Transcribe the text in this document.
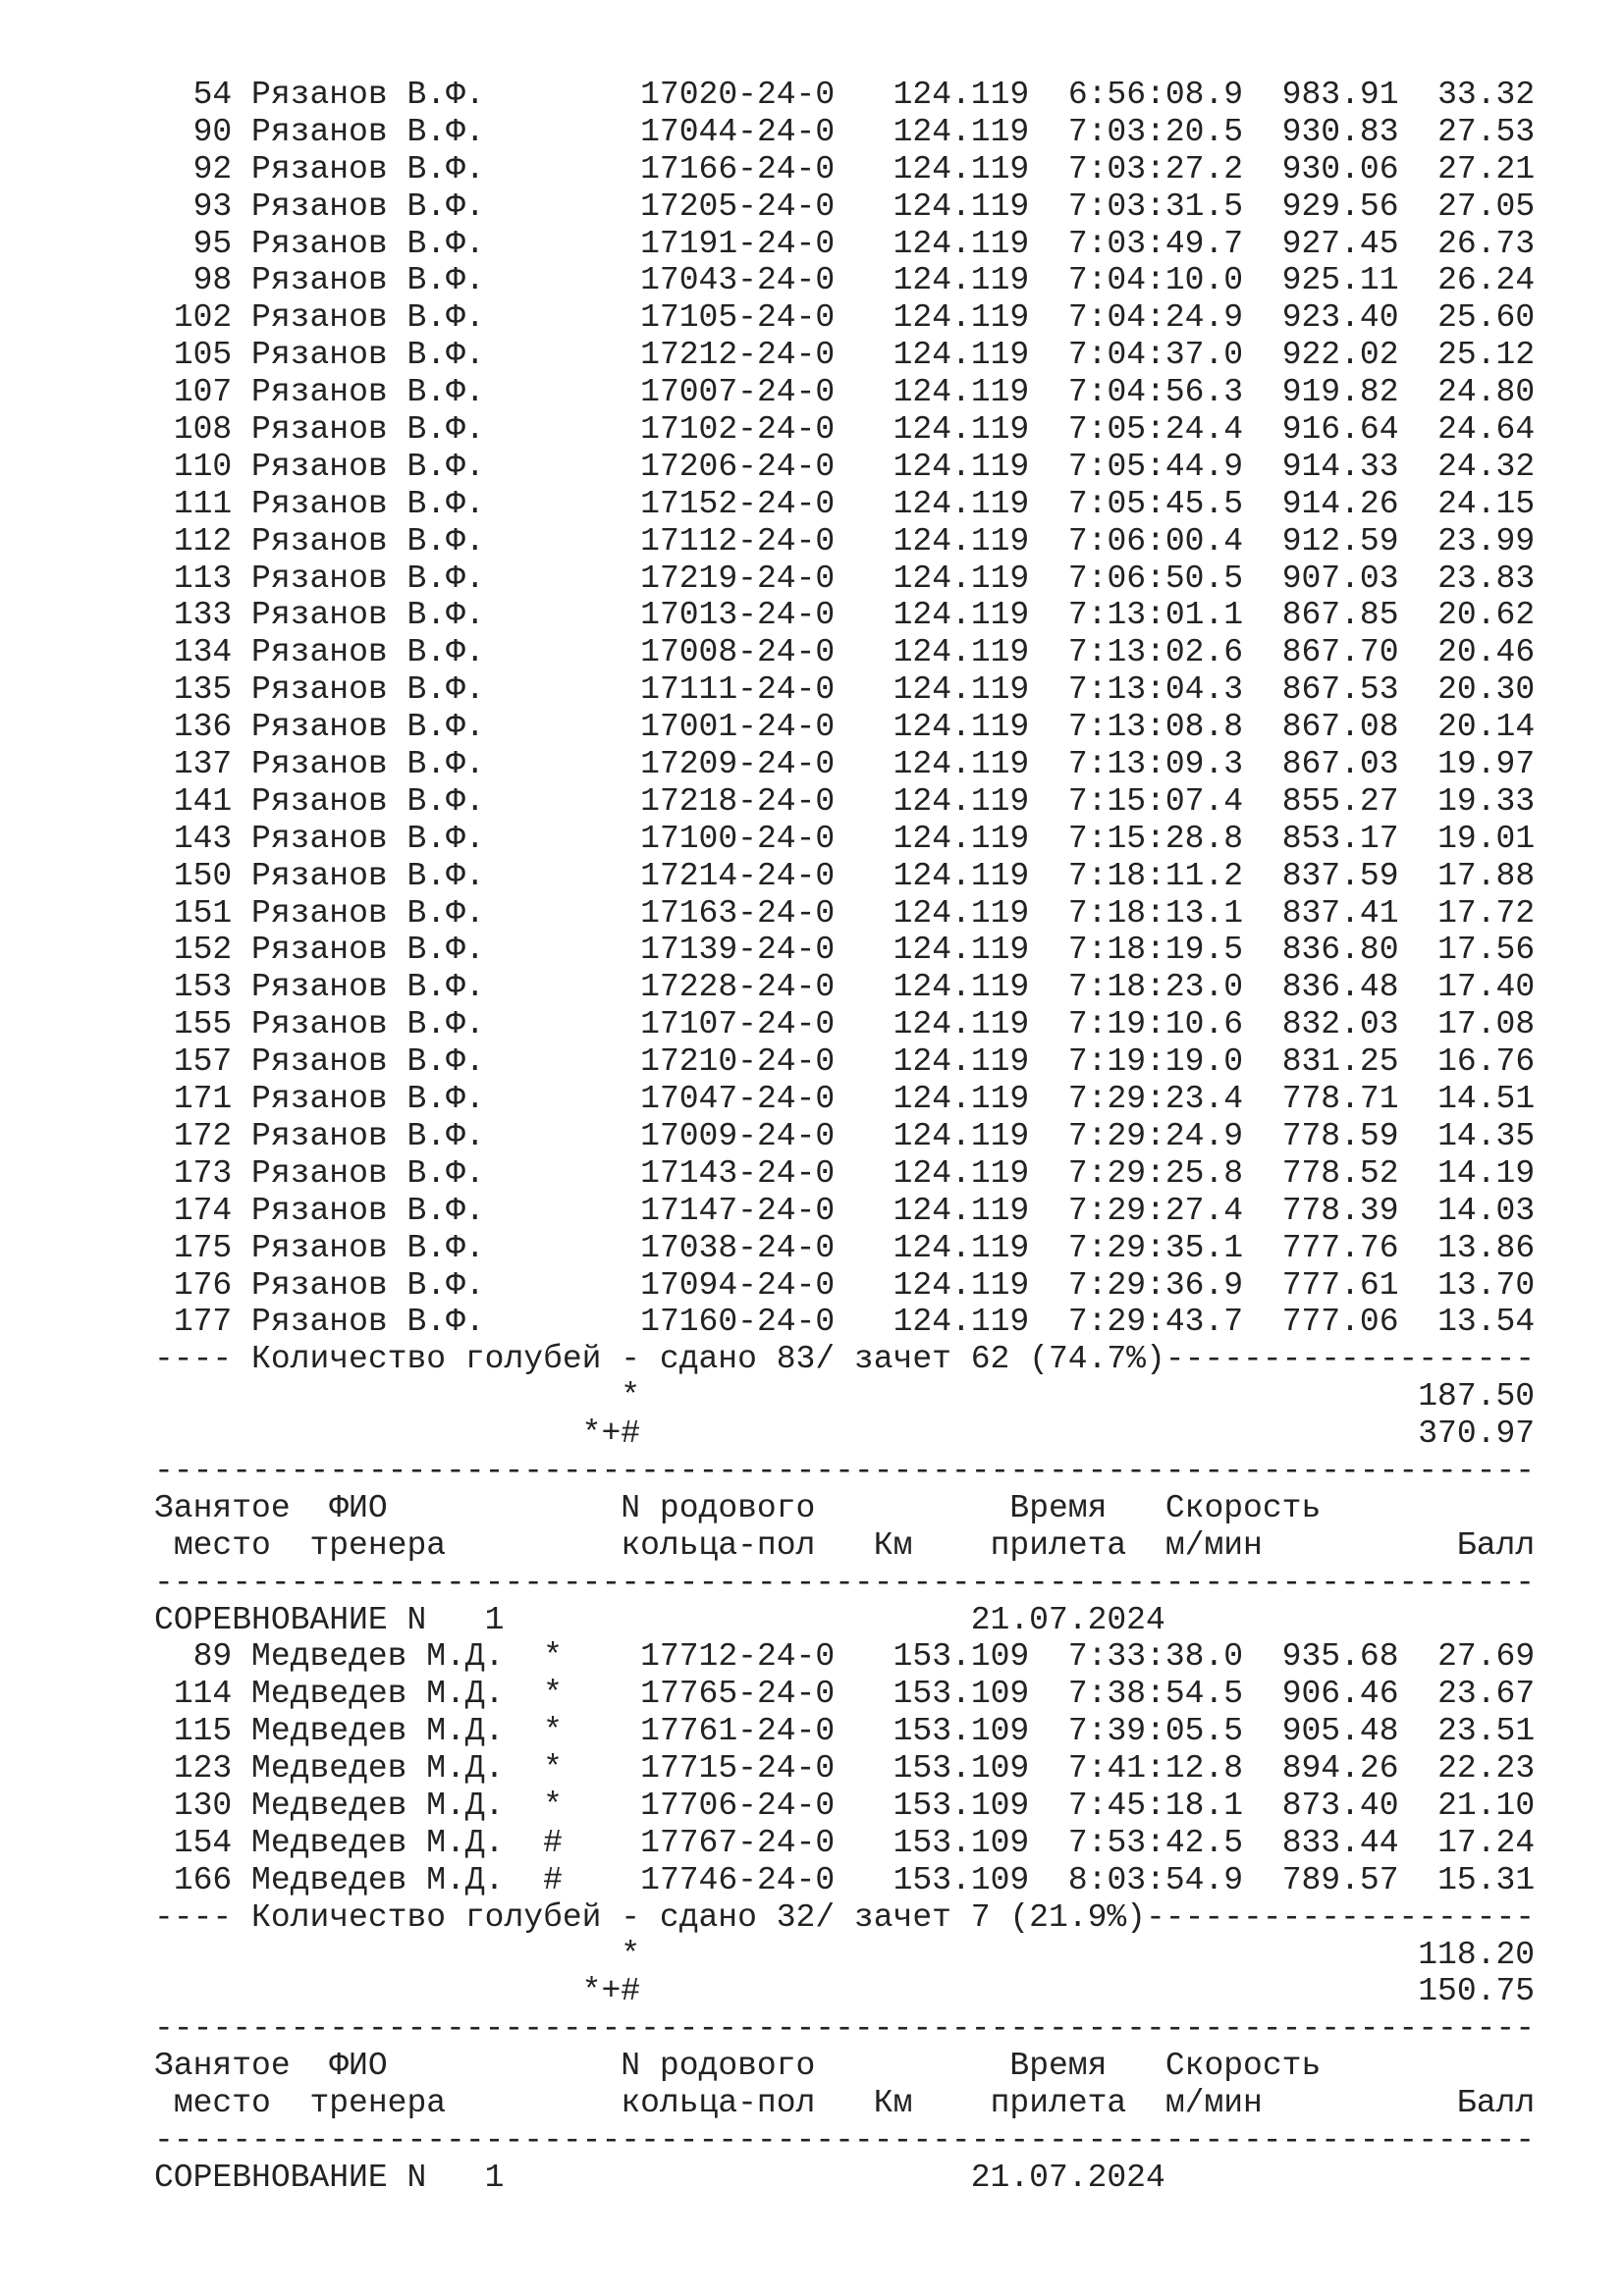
54 Рязанов В.Ф.	17020-24-0 124.119 6:56:08.9 983.91 33.32
90 Рязанов В.Ф.	17044-24-0 124.119 7:03:20.5 930.83 27.53
92 Рязанов В.Ф.	17166-24-0 124.119 7:03:27.2 930.06 27.21
93 Рязанов В.Ф.	17205-24-0 124.119 7:03:31.5 929.56 27.05
95 Рязанов В.Ф.	17191-24-0 124.119 7:03:49.7 927.45 26.73
98 Рязанов В.Ф.	17043-24-0 124.119 7:04:10.0 925.11 26.24
102 Рязанов В.Ф.	17105-24-0 124.119 7:04:24.9 923.40 25.60
105 Рязанов В.Ф.	17212-24-0 124.119 7:04:37.0 922.02 25.12
107 Рязанов В.Ф.	17007-24-0 124.119 7:04:56.3 919.82 24.80
108 Рязанов В.Ф.	17102-24-0 124.119 7:05:24.4 916.64 24.64
110 Рязанов В.Ф.	17206-24-0 124.119 7:05:44.9 914.33 24.32
111 Рязанов В.Ф.	17152-24-0 124.119 7:05:45.5 914.26 24.15
112 Рязанов В.Ф.	17112-24-0 124.119 7:06:00.4 912.59 23.99
113 Рязанов В.Ф.	17219-24-0 124.119 7:06:50.5 907.03 23.83
133 Рязанов В.Ф.	17013-24-0 124.119 7:13:01.1 867.85 20.62
134 Рязанов В.Ф.	17008-24-0 124.119 7:13:02.6 867.70 20.46
135 Рязанов В.Ф.	17111-24-0 124.119 7:13:04.3 867.53 20.30
136 Рязанов В.Ф.	17001-24-0 124.119 7:13:08.8 867.08 20.14
137 Рязанов В.Ф.	17209-24-0 124.119 7:13:09.3 867.03 19.97
141 Рязанов В.Ф.	17218-24-0 124.119 7:15:07.4 855.27 19.33
143 Рязанов В.Ф.	17100-24-0 124.119 7:15:28.8 853.17 19.01
150 Рязанов В.Ф.	17214-24-0 124.119 7:18:11.2 837.59 17.88
151 Рязанов В.Ф.	17163-24-0 124.119 7:18:13.1 837.41 17.72
152 Рязанов В.Ф.	17139-24-0 124.119 7:18:19.5 836.80 17.56
153 Рязанов В.Ф.	17228-24-0 124.119 7:18:23.0 836.48 17.40
155 Рязанов В.Ф.	17107-24-0 124.119 7:19:10.6 832.03 17.08
157 Рязанов В.Ф.	17210-24-0 124.119 7:19:19.0 831.25 16.76
171 Рязанов В.Ф.	17047-24-0 124.119 7:29:23.4 778.71 14.51
172 Рязанов В.Ф.	17009-24-0 124.119 7:29:24.9 778.59 14.35
173 Рязанов В.Ф.	17143-24-0 124.119 7:29:25.8 778.52 14.19
174 Рязанов В.Ф.	17147-24-0 124.119 7:29:27.4 778.39 14.03
175 Рязанов В.Ф.	17038-24-0 124.119 7:29:35.1 777.76 13.86
176 Рязанов В.Ф.	17094-24-0 124.119 7:29:36.9 777.61 13.70
177 Рязанов В.Ф.	17160-24-0 124.119 7:29:43.7 777.06 13.54
---- Количество голубей - сдано 83/ зачет 62 (74.7%)-------------------
*	187.50
*+#	370.97
-----------------------------------------------------------------------
Занятое ФИО	N родового	Время Скорость
место тренера	кольца-пол Км прилета м/мин	Балл
-----------------------------------------------------------------------
СОРЕВНОВАНИЕ N   1	21.07.2024
89 Медведев М.Д. * 17712-24-0 153.109 7:33:38.0 935.68 27.69
114 Медведев М.Д. * 17765-24-0 153.109 7:38:54.5 906.46 23.67
115 Медведев М.Д. * 17761-24-0 153.109 7:39:05.5 905.48 23.51
123 Медведев М.Д. * 17715-24-0 153.109 7:41:12.8 894.26 22.23
130 Медведев М.Д. * 17706-24-0 153.109 7:45:18.1 873.40 21.10
154 Медведев М.Д. # 17767-24-0 153.109 7:53:42.5 833.44 17.24
166 Медведев М.Д. # 17746-24-0 153.109 8:03:54.9 789.57 15.31
---- Количество голубей - сдано 32/ зачет 7 (21.9%)--------------------
*	118.20
*+#	150.75
-----------------------------------------------------------------------
Занятое ФИО	N родового	Время Скорость
место тренера	кольца-пол Км прилета м/мин	Балл
-----------------------------------------------------------------------
СОРЕВНОВАНИЕ N   1	21.07.2024
